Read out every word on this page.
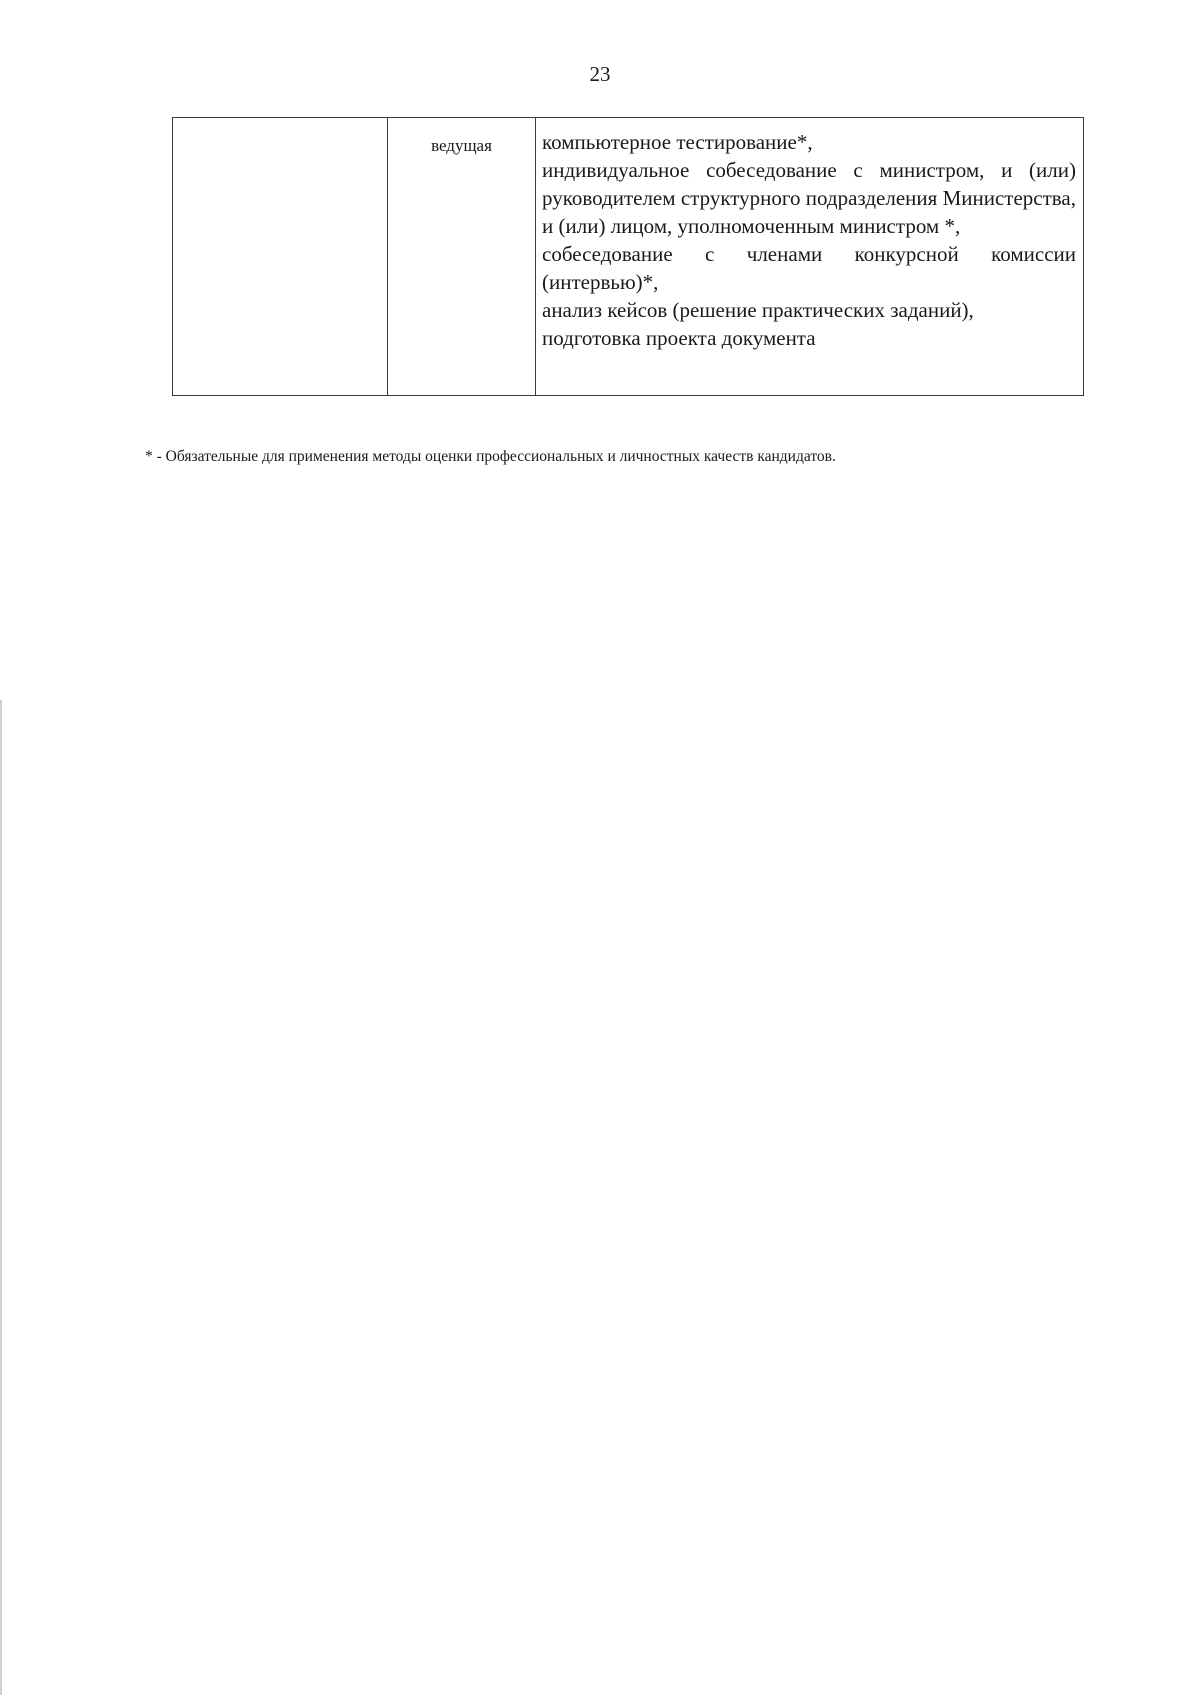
23
	ведущая	компьютерное тестирование*,
индивидуальное собеседование с министром, и (или) руководителем структурного подразделения Министерства, и (или) лицом, уполномоченным министром *,
собеседование с членами конкурсной комиссии (интервью)*,
анализ кейсов (решение практических заданий),
подготовка проекта документа
* - Обязательные для применения методы оценки профессиональных и личностных качеств кандидатов.
